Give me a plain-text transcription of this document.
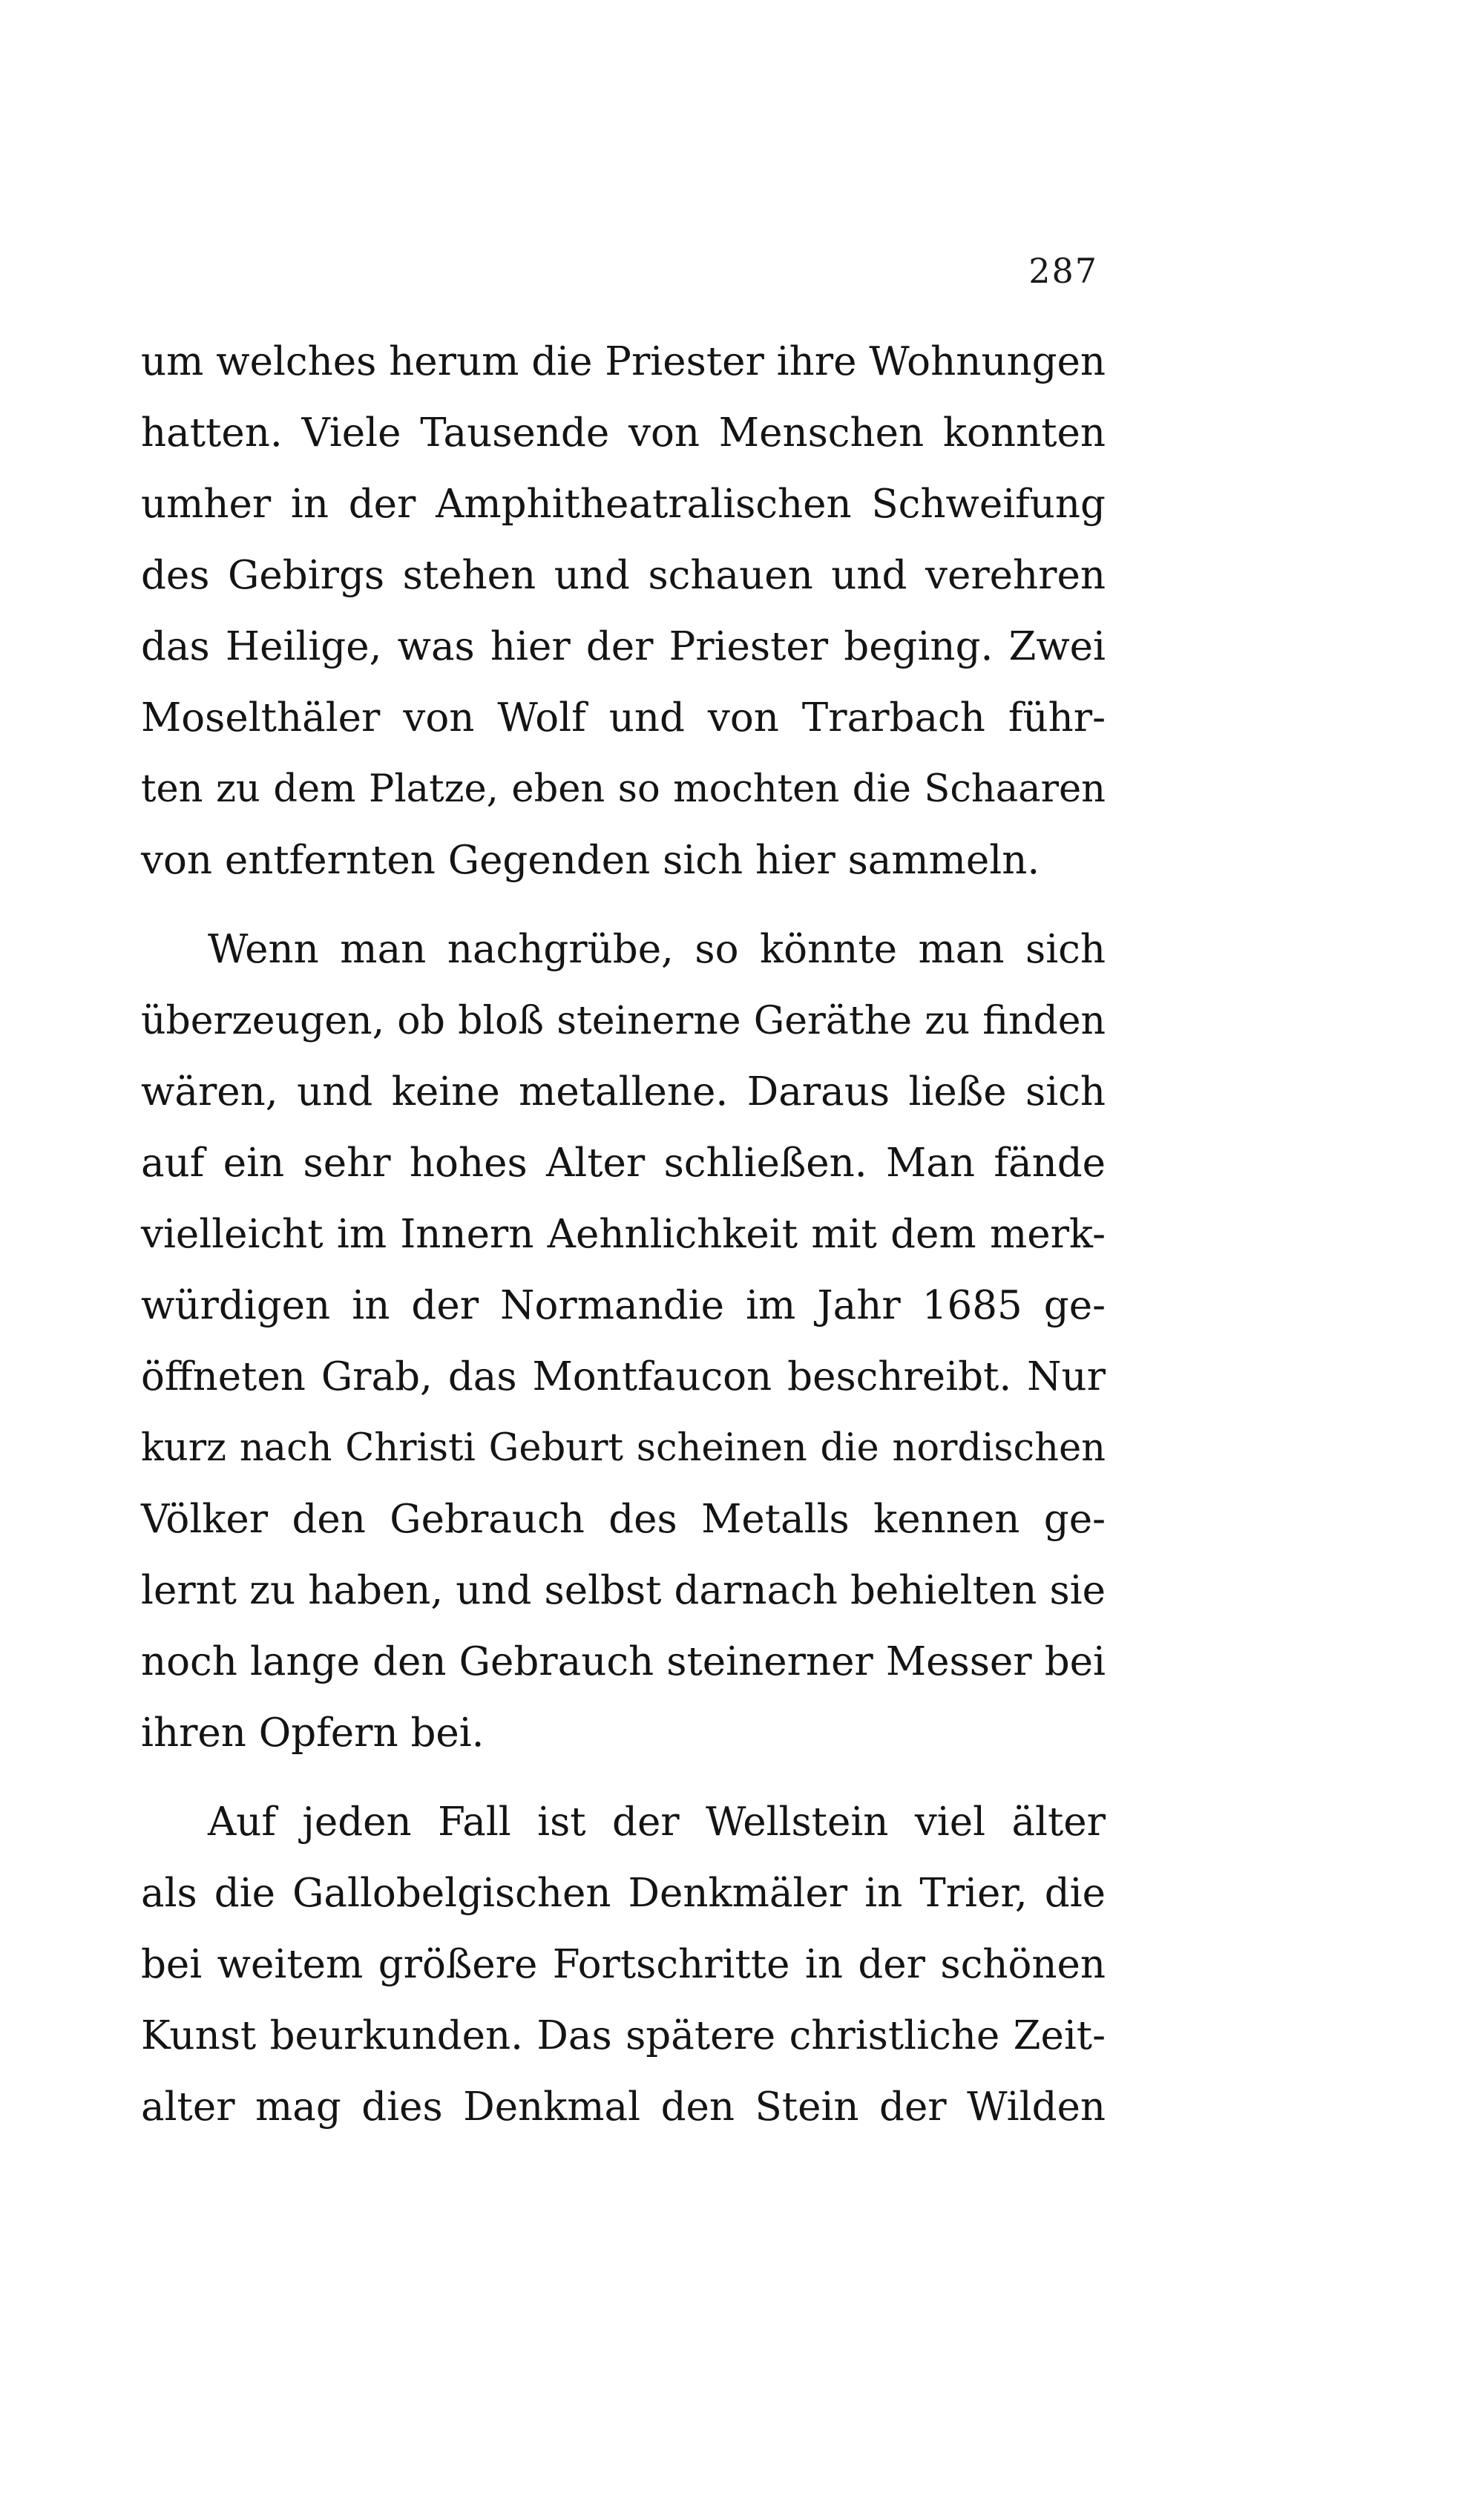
287
um welches herum die Priester ihre Wohnungen
hatten. Viele Tausende von Menschen konnten
umher in der Amphitheatralischen Schweifung
des Gebirgs stehen und schauen und verehren
das Heilige, was hier der Priester beging. Zwei
Moselthäler von Wolf und von Trarbach führ-
ten zu dem Platze, eben so mochten die Schaaren
von entfernten Gegenden sich hier sammeln.
Wenn man nachgrübe, so könnte man sich
überzeugen, ob bloß steinerne Geräthe zu finden
wären, und keine metallene. Daraus ließe sich
auf ein sehr hohes Alter schließen. Man fände
vielleicht im Innern Aehnlichkeit mit dem merk-
würdigen in der Normandie im Jahr 1685 ge-
öffneten Grab, das Montfaucon beschreibt. Nur
kurz nach Christi Geburt scheinen die nordischen
Völker den Gebrauch des Metalls kennen ge-
lernt zu haben, und selbst darnach behielten sie
noch lange den Gebrauch steinerner Messer bei
ihren Opfern bei.
Auf jeden Fall ist der Wellstein viel älter
als die Gallobelgischen Denkmäler in Trier, die
bei weitem größere Fortschritte in der schönen
Kunst beurkunden. Das spätere christliche Zeit-
alter mag dies Denkmal den Stein der Wilden
